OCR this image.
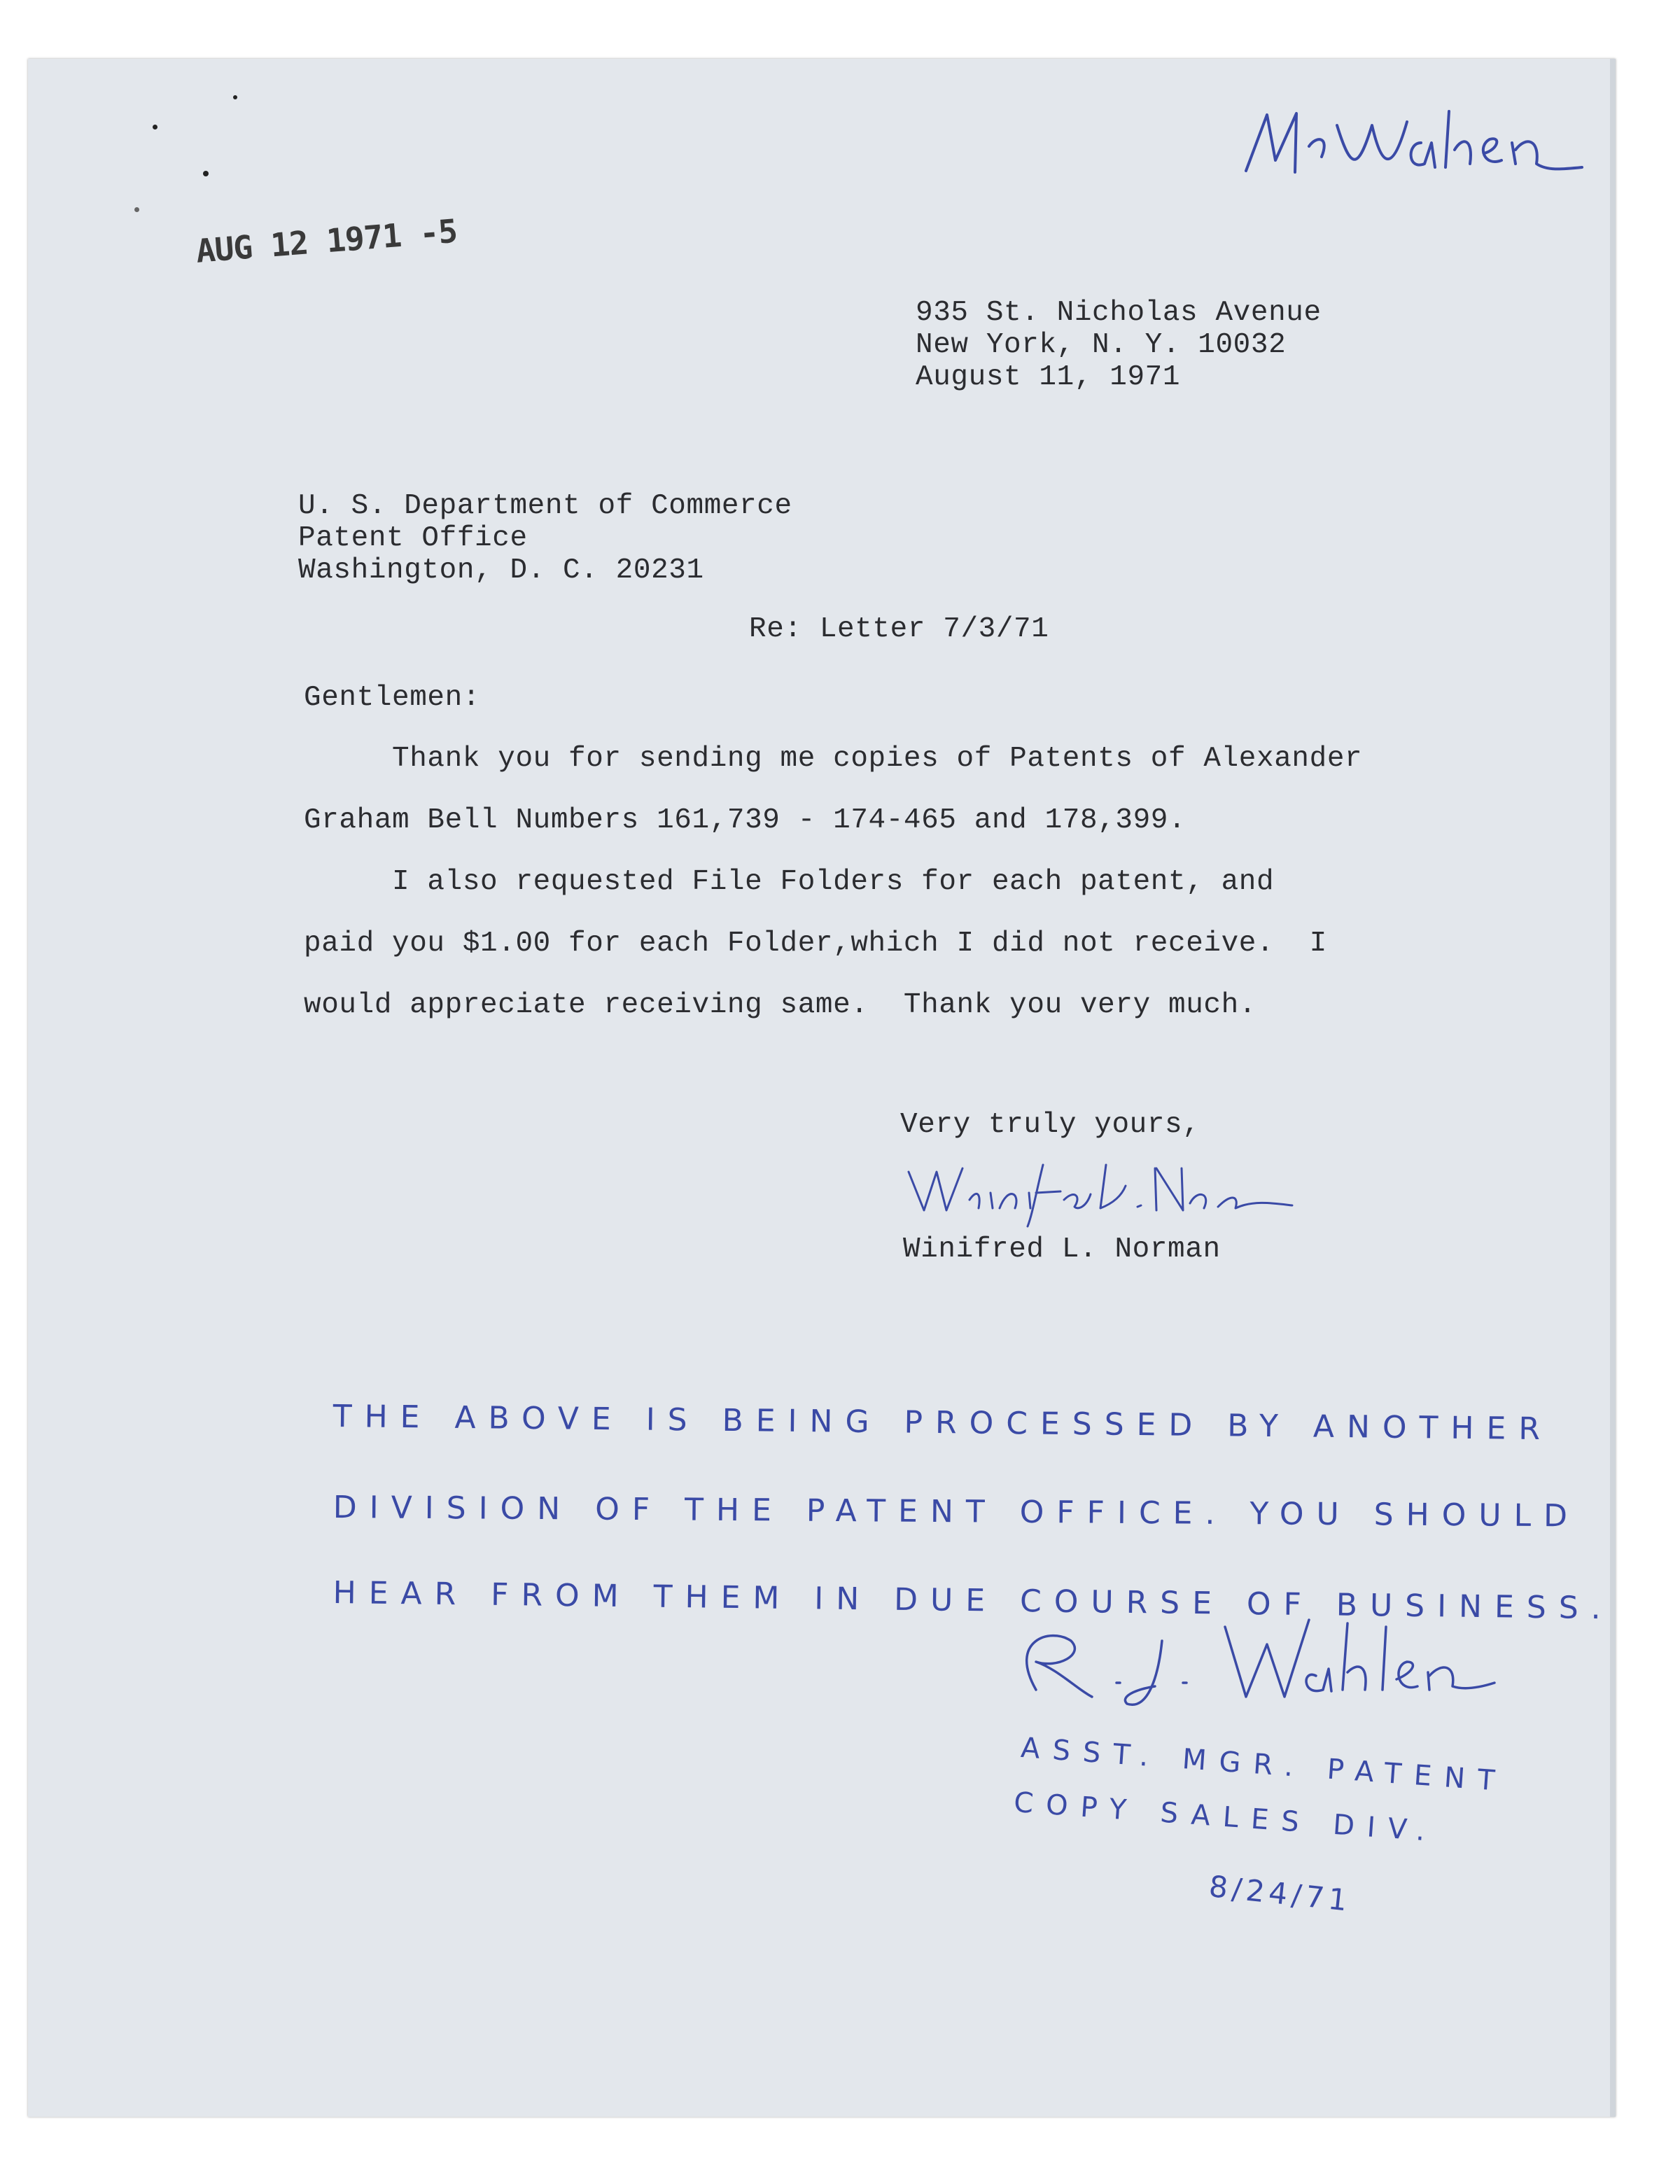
AUG 12 1971 -5
935 St. Nicholas Avenue
New York, N. Y. 10032
August 11, 1971
U. S. Department of Commerce
Patent Office
Washington, D. C. 20231
Re: Letter 7/3/71
Gentlemen:
Thank you for sending me copies of Patents of Alexander
Graham Bell Numbers 161,739 - 174-465 and 178,399.
I also requested File Folders for each patent, and
paid you $1.00 for each Folder,which I did not receive.  I
would appreciate receiving same.  Thank you very much.
Very truly yours,
Winifred L. Norman
THE ABOVE IS BEING PROCESSED BY ANOTHER
DIVISION OF THE PATENT OFFICE. YOU SHOULD
HEAR FROM THEM IN DUE COURSE OF BUSINESS.
ASST. MGR. PATENT
COPY SALES DIV.
8/24/71
